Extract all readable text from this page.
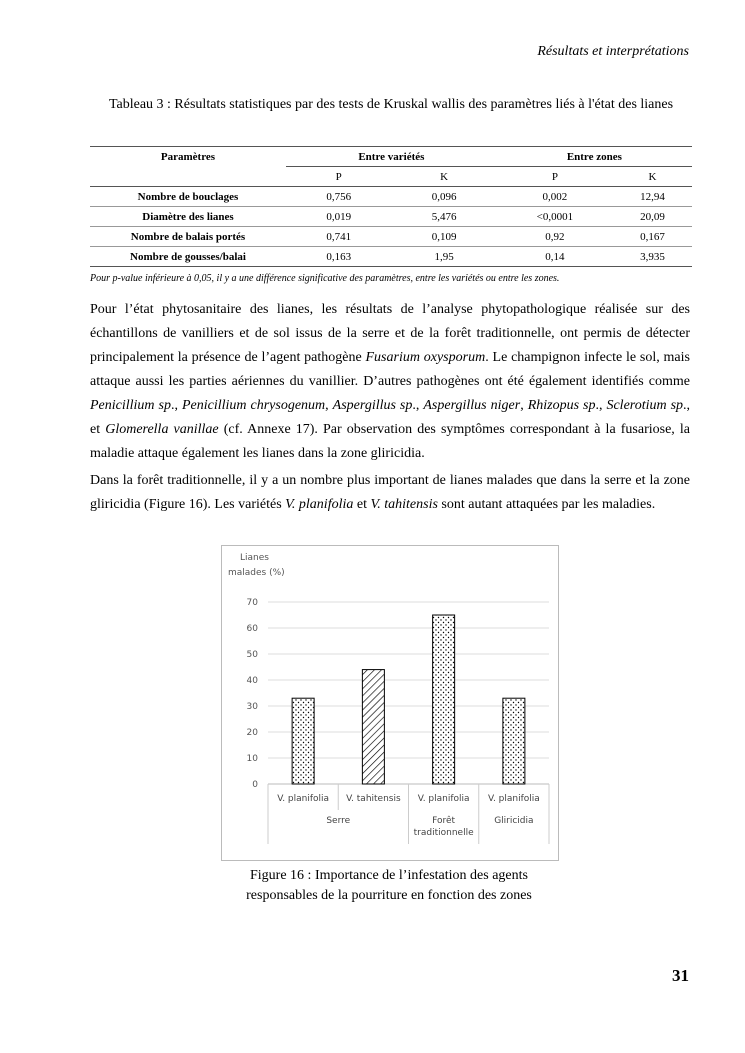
Résultats et interprétations
Tableau 3 : Résultats statistiques par des tests de Kruskal wallis des paramètres liés à l'état des lianes
Paramètres	Entre variétés		Entre zones	
	P	K	P	K
Nombre de bouclages	0,756	0,096	0,002	12,94
Diamètre des lianes	0,019	5,476	<0,0001	20,09
Nombre de balais portés	0,741	0,109	0,92	0,167
Nombre de gousses/balai	0,163	1,95	0,14	3,935
Pour p-value inférieure à 0,05, il y a une différence significative des paramètres, entre les variétés ou entre les zones.
Pour l’état phytosanitaire des lianes, les résultats de l’analyse phytopathologique réalisée sur des échantillons de vanilliers et de sol issus de la serre et de la forêt traditionnelle, ont permis de détecter principalement la présence de l’agent pathogène Fusarium oxysporum. Le champignon infecte le sol, mais attaque aussi les parties aériennes du vanillier. D’autres pathogènes ont été également identifiés comme Penicillium sp., Penicillium chrysogenum, Aspergillus sp., Aspergillus niger, Rhizopus sp., Sclerotium sp., et Glomerella vanillae (cf. Annexe 17). Par observation des symptômes correspondant à la fusariose, la maladie attaque également les lianes dans la zone gliricidia.
Dans la forêt traditionnelle, il y a un nombre plus important de lianes malades que dans la serre et la zone gliricidia (Figure 16). Les variétés V. planifolia et V. tahitensis sont autant attaquées par les maladies.
Lianes
malades (%)
0
10
20
30
40
50
60
70
V. planifolia V. tahitensis V. planifolia V. planifolia
Serre	Forêt
traditionnelle
Gliricidia
Figure 16 : Importance de l’infestation des agents responsables de la pourriture en fonction des zones
31
